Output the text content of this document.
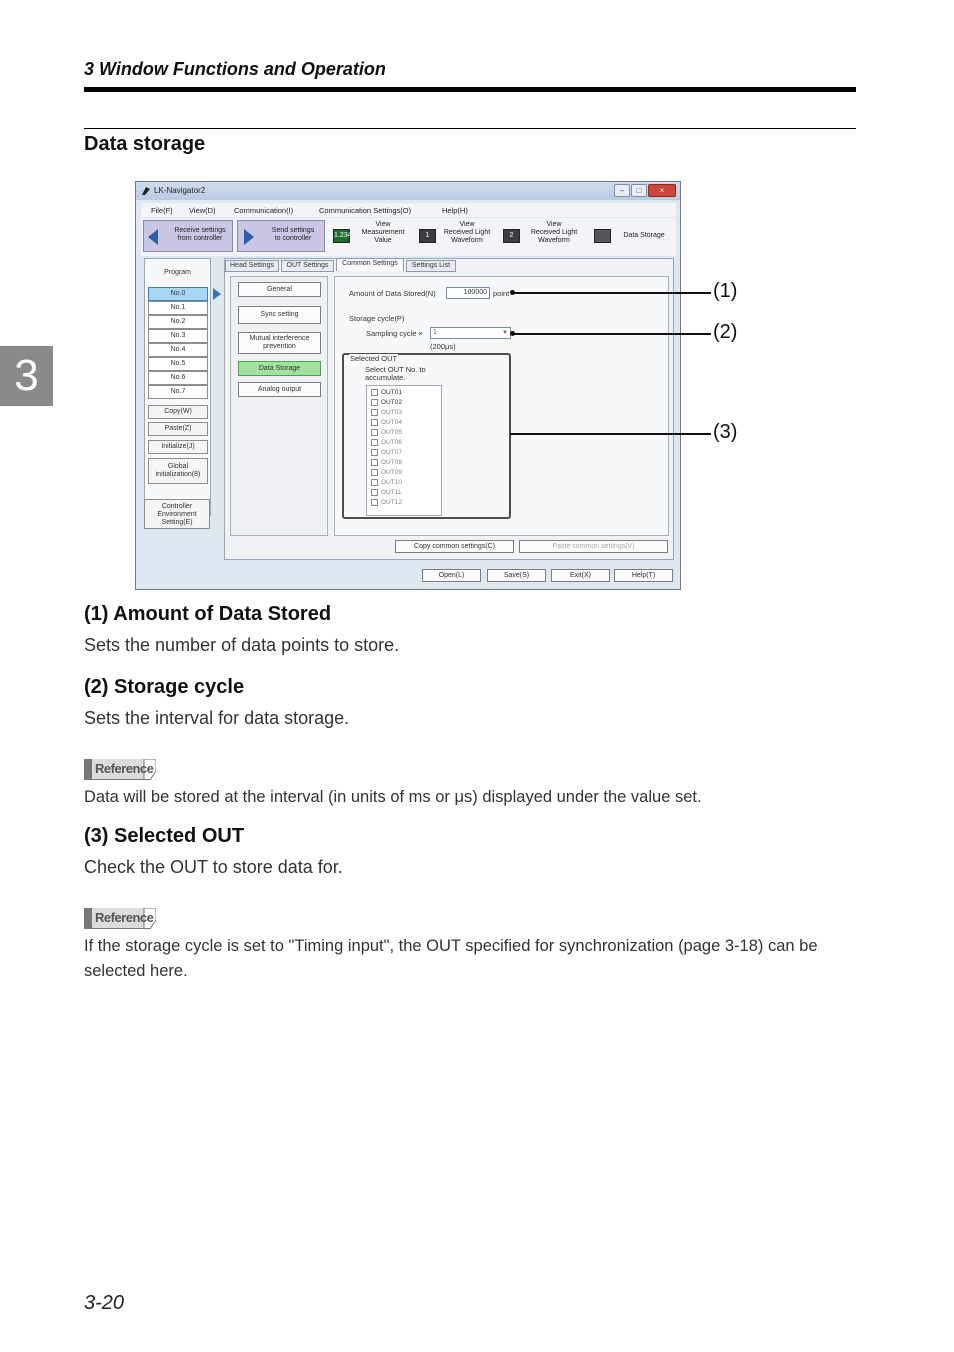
3 Window Functions and Operation
Data storage
3
LK-Navigator2	–	□	×
File(F) View(D) Communication(I)	Communication Settings(O)	Help(H)
Receive settings
from controller
Send settings
to controller	1.234
View
Measurement
Value
1
View
Received Light
Waveform
2
View
Received Light
Waveform
Data Storage
Program
No.0
No.1
No.2
No.3
No.4
No.5
No.6
No.7
Copy(W)
Paste(Z)
Initialize(J)
Global
initialization(8)
Controller
Environment
Setting(E)
Head Settings	OUT Settings	Common Settings	Settings List
General
Sync setting
Mutual interference
prevention
Data Storage
Analog output
Amount of Data Stored(N)	100000 point
Storage cycle(P)
Sampling cycle ×	1	▼
(200μs)
Selected OUT
Select OUT No. to
accumulate.
OUT01
OUT02
OUT03
OUT04
OUT05
OUT06
OUT07
OUT08
OUT09
OUT10
OUT11
OUT12
Copy common settings(C)	Paste common settings(V)
Open(L)	Save(S)	Exit(X)	Help(T)
(1)
(2)
(3)
(1) Amount of Data Stored
Sets the number of data points to store.
(2) Storage cycle
Sets the interval for data storage.
Reference
Data will be stored at the interval (in units of ms or μs) displayed under the value set.
(3) Selected OUT
Check the OUT to store data for.
Reference
If the storage cycle is set to "Timing input", the OUT specified for synchronization (page 3-18) can be selected here.
3-20
